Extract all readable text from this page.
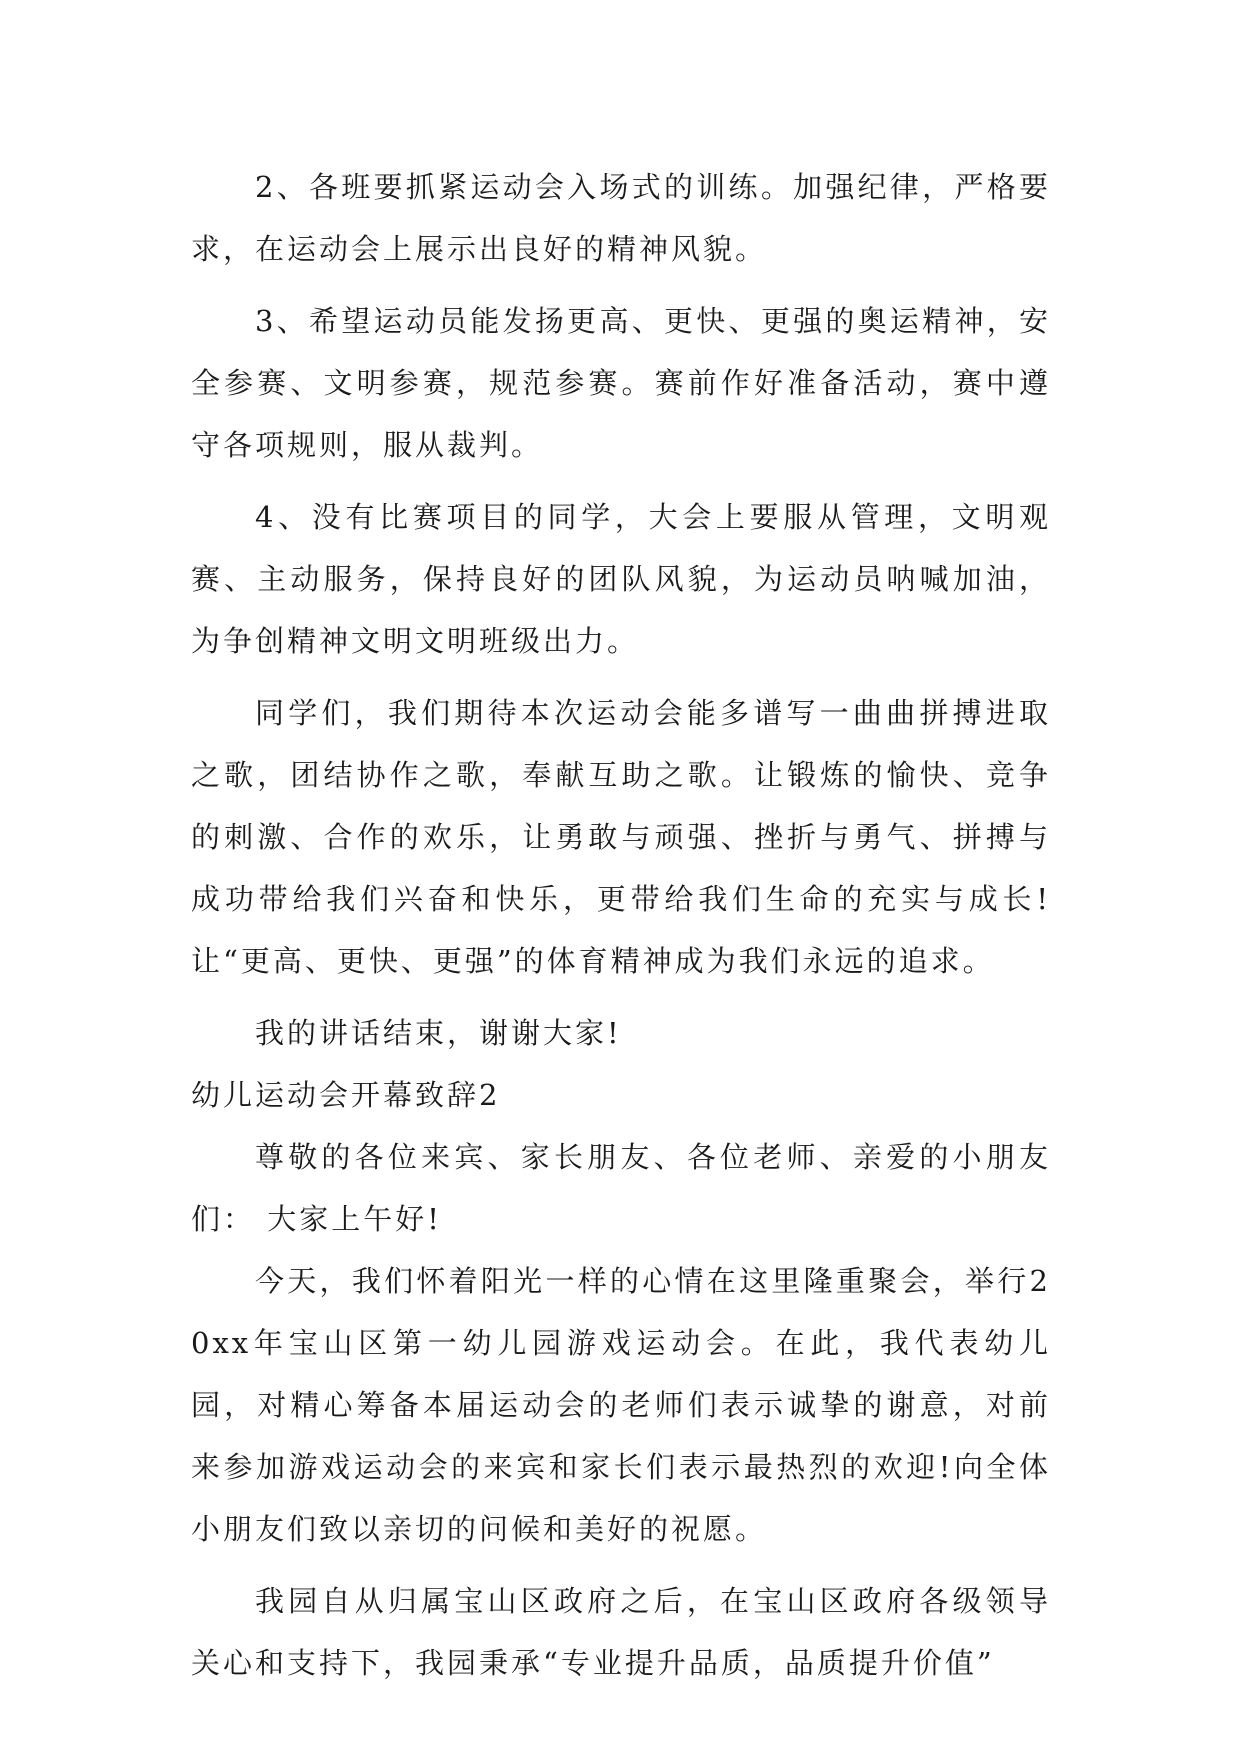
2、各班要抓紧运动会入场式的训练。加强纪律，严格要求，在运动会上展示出良好的精神风貌。

3、希望运动员能发扬更高、更快、更强的奥运精神，安全参赛、文明参赛，规范参赛。赛前作好准备活动，赛中遵守各项规则，服从裁判。

4、没有比赛项目的同学，大会上要服从管理，文明观赛、主动服务，保持良好的团队风貌，为运动员呐喊加油，为争创精神文明文明班级出力。

同学们，我们期待本次运动会能多谱写一曲曲拼搏进取之歌，团结协作之歌，奉献互助之歌。让锻炼的愉快、竞争的刺激、合作的欢乐，让勇敢与顽强、挫折与勇气、拼搏与成功带给我们兴奋和快乐，更带给我们生命的充实与成长!让“更高、更快、更强”的体育精神成为我们永远的追求。

我的讲话结束，谢谢大家!

幼儿运动会开幕致辞2

尊敬的各位来宾、家长朋友、各位老师、亲爱的小朋友们： 大家上午好!

今天，我们怀着阳光一样的心情在这里隆重聚会，举行20xx年宝山区第一幼儿园游戏运动会。在此，我代表幼儿园，对精心筹备本届运动会的老师们表示诚挚的谢意，对前来参加游戏运动会的来宾和家长们表示最热烈的欢迎!向全体小朋友们致以亲切的问候和美好的祝愿。

我园自从归属宝山区政府之后，在宝山区政府各级领导关心和支持下，我园秉承“专业提升品质，品质提升价值”
